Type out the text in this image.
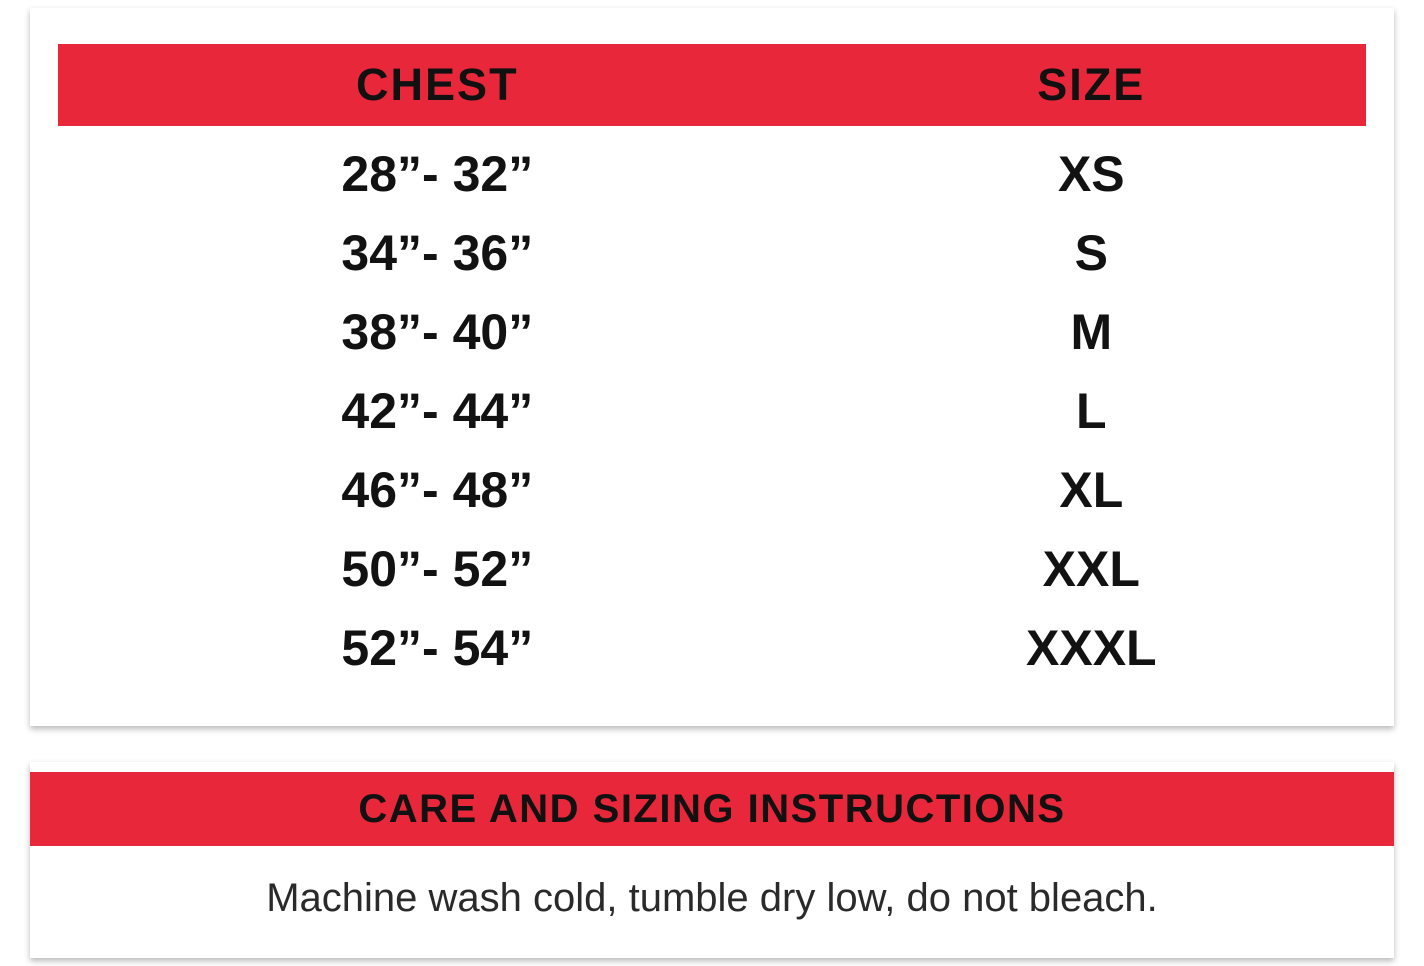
CHEST	SIZE
28”- 32”	XS
34”- 36”	S
38”- 40”	M
42”- 44”	L
46”- 48”	XL
50”- 52”	XXL
52”- 54”	XXXL
CARE AND SIZING INSTRUCTIONS
Machine wash cold, tumble dry low, do not bleach.
